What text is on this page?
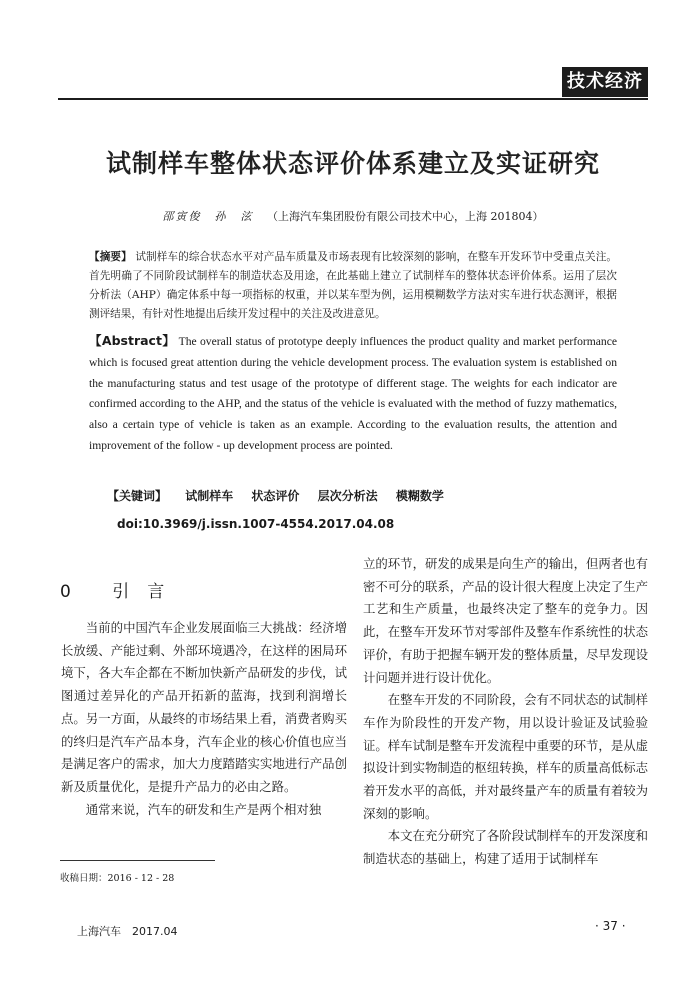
技术经济
试制样车整体状态评价体系建立及实证研究
邵寅俊　孙　泫 （上海汽车集团股份有限公司技术中心，上海 201804）
【摘要】 试制样车的综合状态水平对产品车质量及市场表现有比较深刻的影响，在整车开发环节中受重点关注。首先明确了不同阶段试制样车的制造状态及用途，在此基础上建立了试制样车的整体状态评价体系。运用了层次分析法（AHP）确定体系中每一项指标的权重，并以某车型为例，运用模糊数学方法对实车进行状态测评，根据测评结果，有针对性地提出后续开发过程中的关注及改进意见。
【Abstract】 The overall status of prototype deeply influences the product quality and market performance which is focused great attention during the vehicle development process. The evaluation system is established on the manufacturing status and test usage of the prototype of different stage. The weights for each indicator are confirmed according to the AHP, and the status of the vehicle is evaluated with the method of fuzzy mathematics, also a certain type of vehicle is taken as an example. According to the evaluation results, the attention and improvement of the follow - up development process are pointed.
【关键词】 试制样车 状态评价 层次分析法 模糊数学
doi:10.3969/j.issn.1007-4554.2017.04.08
0 引言

当前的中国汽车企业发展面临三大挑战：经济增长放缓、产能过剩、外部环境遇冷，在这样的困局环境下，各大车企都在不断加快新产品研发的步伐，试图通过差异化的产品开拓新的蓝海，找到利润增长点。另一方面，从最终的市场结果上看，消费者购买的终归是汽车产品本身，汽车企业的核心价值也应当是满足客户的需求，加大力度踏踏实实地进行产品创新及质量优化，是提升产品力的必由之路。

通常来说，汽车的研发和生产是两个相对独

立的环节，研发的成果是向生产的输出，但两者也有密不可分的联系，产品的设计很大程度上决定了生产工艺和生产质量，也最终决定了整车的竞争力。因此，在整车开发环节对零部件及整车作系统性的状态评价，有助于把握车辆开发的整体质量，尽早发现设计问题并进行设计优化。

在整车开发的不同阶段，会有不同状态的试制样车作为阶段性的开发产物，用以设计验证及试验验证。样车试制是整车开发流程中重要的环节，是从虚拟设计到实物制造的枢纽转换，样车的质量高低标志着开发水平的高低，并对最终量产车的质量有着较为深刻的影响。

本文在充分研究了各阶段试制样车的开发深度和制造状态的基础上，构建了适用于试制样车

收稿日期：2016 - 12 - 28
上海汽车　2017.04	· 37 ·
